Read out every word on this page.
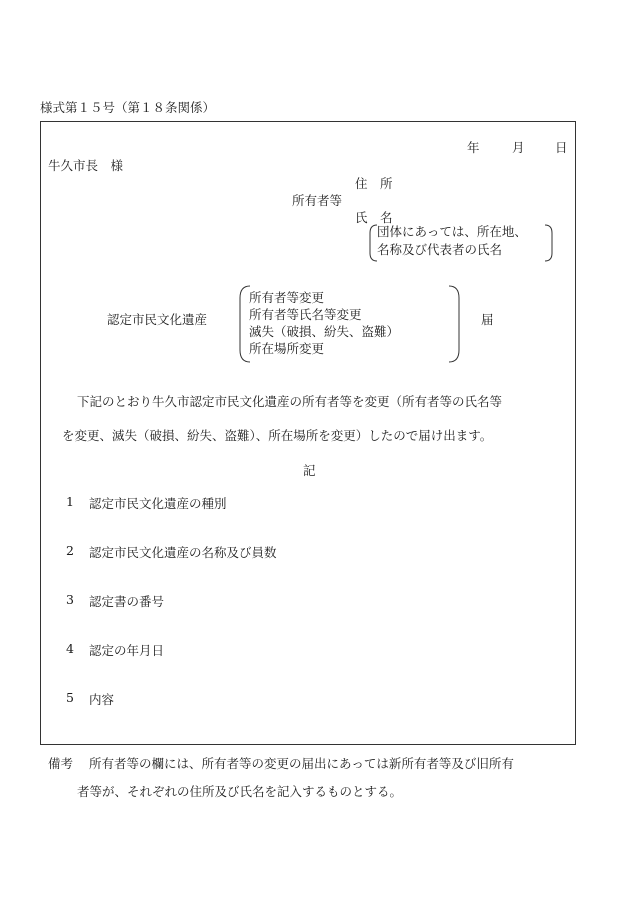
様式第１５号（第１８条関係）
年	月 日
牛久市長　様
住　所
所有者等
氏　名
団体にあっては、所在地、
名称及び代表者の氏名
認定市民文化遺産
所有者等変更
所有者等氏名等変更
滅失（破損、紛失、盗難）
所在場所変更
届
下記のとおり牛久市認定市民文化遺産の所有者等を変更（所有者等の氏名等
を変更、滅失（破損、紛失、盗難）、所在場所を変更）したので届け出ます。
記
1 認定市民文化遺産の種別
2 認定市民文化遺産の名称及び員数
3 認定書の番号
4 認定の年月日
5 内容
備考 所有者等の欄には、所有者等の変更の届出にあっては新所有者等及び旧所有
者等が、それぞれの住所及び氏名を記入するものとする。
